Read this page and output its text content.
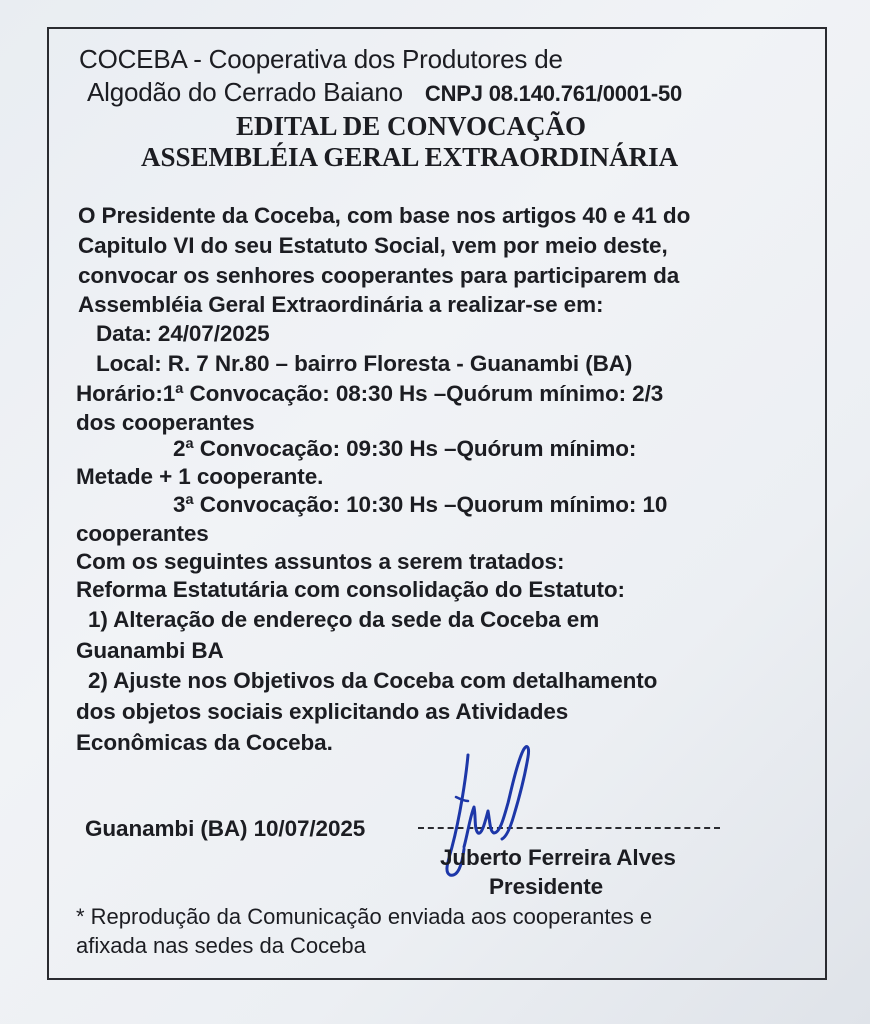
COCEBA - Cooperativa dos Produtores de
Algodão do Cerrado Baiano CNPJ 08.140.761/0001-50
EDITAL DE CONVOCAÇÃO
ASSEMBLÉIA GERAL EXTRAORDINÁRIA
O Presidente da Coceba, com base nos artigos 40 e 41 do
Capitulo VI do seu Estatuto Social, vem por meio deste,
convocar os senhores cooperantes para participarem da
Assembléia Geral Extraordinária a realizar-se em:
Data: 24/07/2025
Local: R. 7 Nr.80 – bairro Floresta - Guanambi (BA)
Horário:1ª Convocação: 08:30 Hs –Quórum mínimo: 2/3
dos cooperantes
2ª Convocação: 09:30 Hs –Quórum mínimo:
Metade + 1 cooperante.
3ª Convocação: 10:30 Hs –Quorum mínimo: 10
cooperantes
Com os seguintes assuntos a serem tratados:
Reforma Estatutária com consolidação do Estatuto:
1) Alteração de endereço da sede da Coceba em
Guanambi BA
2) Ajuste nos Objetivos da Coceba com detalhamento
dos objetos sociais explicitando as Atividades
Econômicas da Coceba.
Guanambi (BA) 10/07/2025
Juberto Ferreira Alves
Presidente
* Reprodução da Comunicação enviada aos cooperantes e
afixada nas sedes da Coceba
